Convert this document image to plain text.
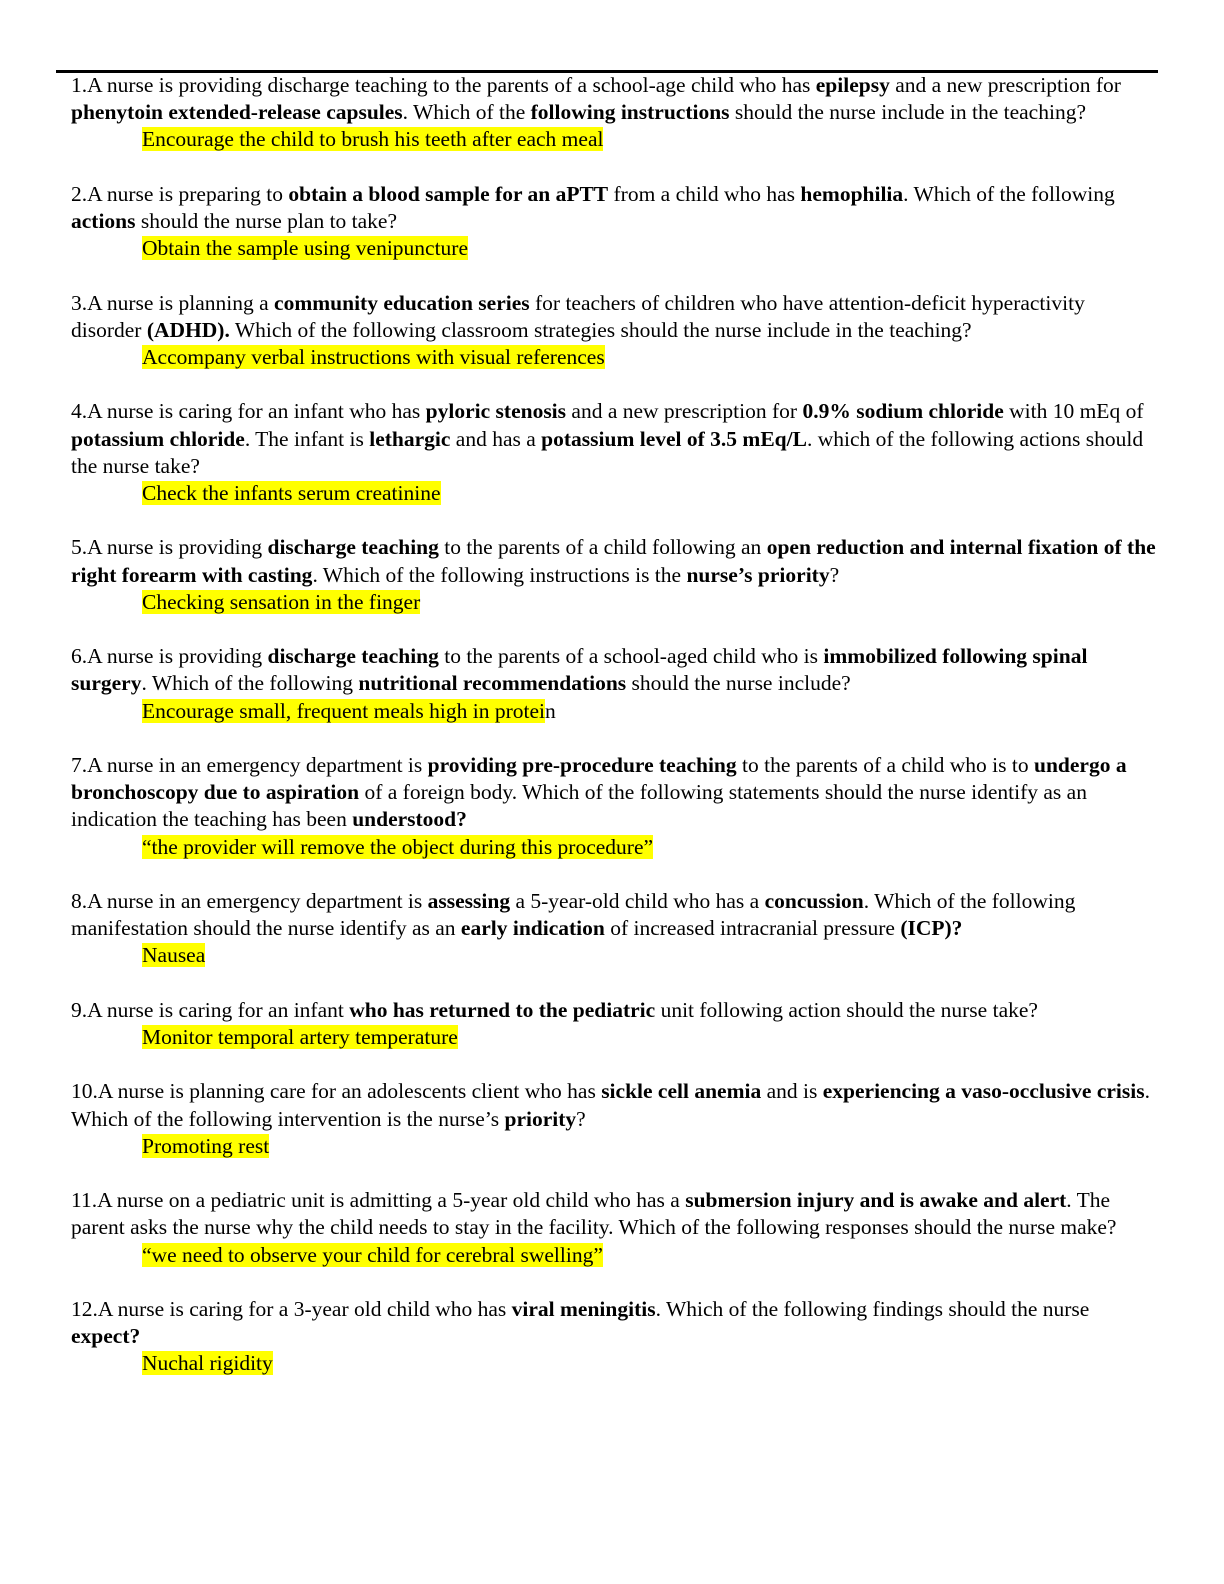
1.A nurse is providing discharge teaching to the parents of a school-age child who has epilepsy and a new prescription for phenytoin extended-release capsules. Which of the following instructions should the nurse include in the teaching?

Encourage the child to brush his teeth after each meal

2.A nurse is preparing to obtain a blood sample for an aPTT from a child who has hemophilia. Which of the following actions should the nurse plan to take?

Obtain the sample using venipuncture

3.A nurse is planning a community education series for teachers of children who have attention-deficit hyperactivity disorder (ADHD). Which of the following classroom strategies should the nurse include in the teaching?

Accompany verbal instructions with visual references

4.A nurse is caring for an infant who has pyloric stenosis and a new prescription for 0.9% sodium chloride with 10 mEq of potassium chloride. The infant is lethargic and has a potassium level of 3.5 mEq/L. which of the following actions should the nurse take?

Check the infants serum creatinine

5.A nurse is providing discharge teaching to the parents of a child following an open reduction and internal fixation of the right forearm with casting. Which of the following instructions is the nurse’s priority?

Checking sensation in the finger

6.A nurse is providing discharge teaching to the parents of a school-aged child who is immobilized following spinal surgery. Which of the following nutritional recommendations should the nurse include?

Encourage small, frequent meals high in protein

7.A nurse in an emergency department is providing pre-procedure teaching to the parents of a child who is to undergo a bronchoscopy due to aspiration of a foreign body. Which of the following statements should the nurse identify as an indication the teaching has been understood?

“the provider will remove the object during this procedure”

8.A nurse in an emergency department is assessing a 5-year-old child who has a concussion. Which of the following manifestation should the nurse identify as an early indication of increased intracranial pressure (ICP)?

Nausea

9.A nurse is caring for an infant who has returned to the pediatric unit following action should the nurse take?

Monitor temporal artery temperature

10.A nurse is planning care for an adolescents client who has sickle cell anemia and is experiencing a vaso-occlusive crisis. Which of the following intervention is the nurse’s priority?

Promoting rest

11.A nurse on a pediatric unit is admitting a 5-year old child who has a submersion injury and is awake and alert. The parent asks the nurse why the child needs to stay in the facility. Which of the following responses should the nurse make?

“we need to observe your child for cerebral swelling”

12.A nurse is caring for a 3-year old child who has viral meningitis. Which of the following findings should the nurse expect?

Nuchal rigidity
